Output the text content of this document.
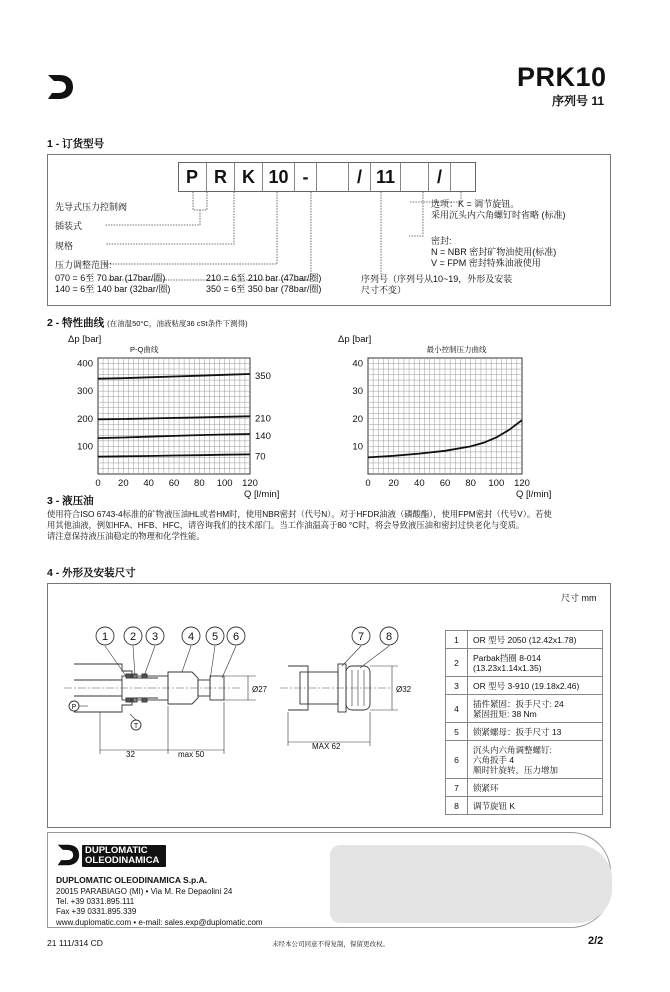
PRK10
序列号 11
1 - 订货型号
P R K 10 -	/ 11	/
先导式压力控制阀
插装式
规格
压力调整范围:
070 = 6至 70 bar (17bar/圈)
140 = 6至 140 bar (32bar/圈)
210 = 6至 210 bar (47bar/圈)
350 = 6至 350 bar (78bar/圈)
选项：K = 调节旋钮。
采用沉头内六角螺钉时省略 (标准)
密封:
N = NBR 密封矿物油使用(标准)
V = FPM 密封特殊油液使用
序列号（序列号从10~19，外形及安装
尺寸不变）
2 - 特性曲线 (在油温50°C，油液粘度36 cSt条件下测得)
0 20 40 60 80 100 120
100
200
300
400
Δp [bar]
Q [l/min]
P-Q曲线
350
210
140
70
0 20 40 60 80 100 120
10
20
30
40
Δp [bar]
Q [l/min]
最小控制压力曲线
3 - 液压油
使用符合ISO 6743-4标准的矿物液压油HL或者HM时，使用NBR密封（代号N）。对于HFDR油液（磷酸酯），使用FPM密封（代号V）。若使
用其他油液，例如HFA、HFB、HFC，请咨询我们的技术部门。当工作油温高于80 °C时，将会导致液压油和密封过快老化与变质。
请注意保持液压油稳定的物理和化学性能。
4 - 外形及安装尺寸
尺寸 mm
1 2 3	4 5 6	7 8
P
T
Ø27	Ø32
32	max 50
MAX 62
1	OR 型号 2050 (12.42x1.78)
2	Parbak挡圈 8-014
(13.23x1.14x1.35)
3	OR 型号 3-910 (19.18x2.46)
4	插件紧固：扳手尺寸: 24
紧固扭矩: 38 Nm
5	锁紧螺母：扳手尺寸 13
6	沉头内六角调整螺钉:
六角扳手 4
顺时针旋转，压力增加
7	锁紧环
8	调节旋钮 K
DUPLOMATIC
OLEODINAMICA
DUPLOMATIC OLEODINAMICA S.p.A.
20015 PARABIAGO (MI) • Via M. Re Depaolini 24
Tel. +39 0331.895.111
Fax +39 0331.895.339
www.duplomatic.com • e-mail: sales.exp@duplomatic.com
21 111/314 CD	未经本公司同意不得复制，保留更改权。	2/2
